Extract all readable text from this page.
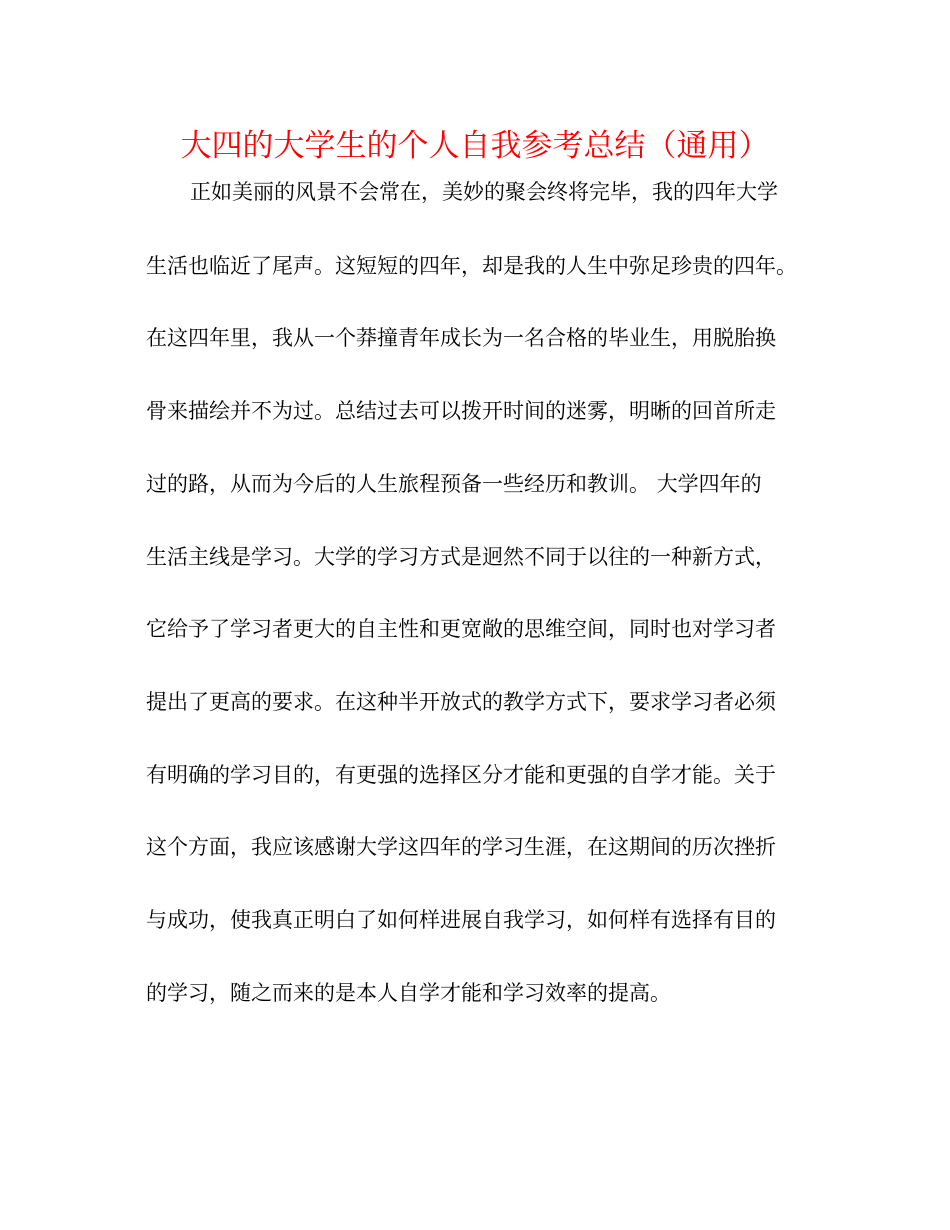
大四的大学生的个人自我参考总结（通用）
正如美丽的风景不会常在，美妙的聚会终将完毕，我的四年大学
生活也临近了尾声。这短短的四年，却是我的人生中弥足珍贵的四年。
在这四年里，我从一个莽撞青年成长为一名合格的毕业生，用脱胎换
骨来描绘并不为过。总结过去可以拨开时间的迷雾，明晰的回首所走
过的路，从而为今后的人生旅程预备一些经历和教训。 大学四年的
生活主线是学习。大学的学习方式是迥然不同于以往的一种新方式，
它给予了学习者更大的自主性和更宽敞的思维空间，同时也对学习者
提出了更高的要求。在这种半开放式的教学方式下，要求学习者必须
有明确的学习目的，有更强的选择区分才能和更强的自学才能。关于
这个方面，我应该感谢大学这四年的学习生涯，在这期间的历次挫折
与成功，使我真正明白了如何样进展自我学习，如何样有选择有目的
的学习，随之而来的是本人自学才能和学习效率的提高。
